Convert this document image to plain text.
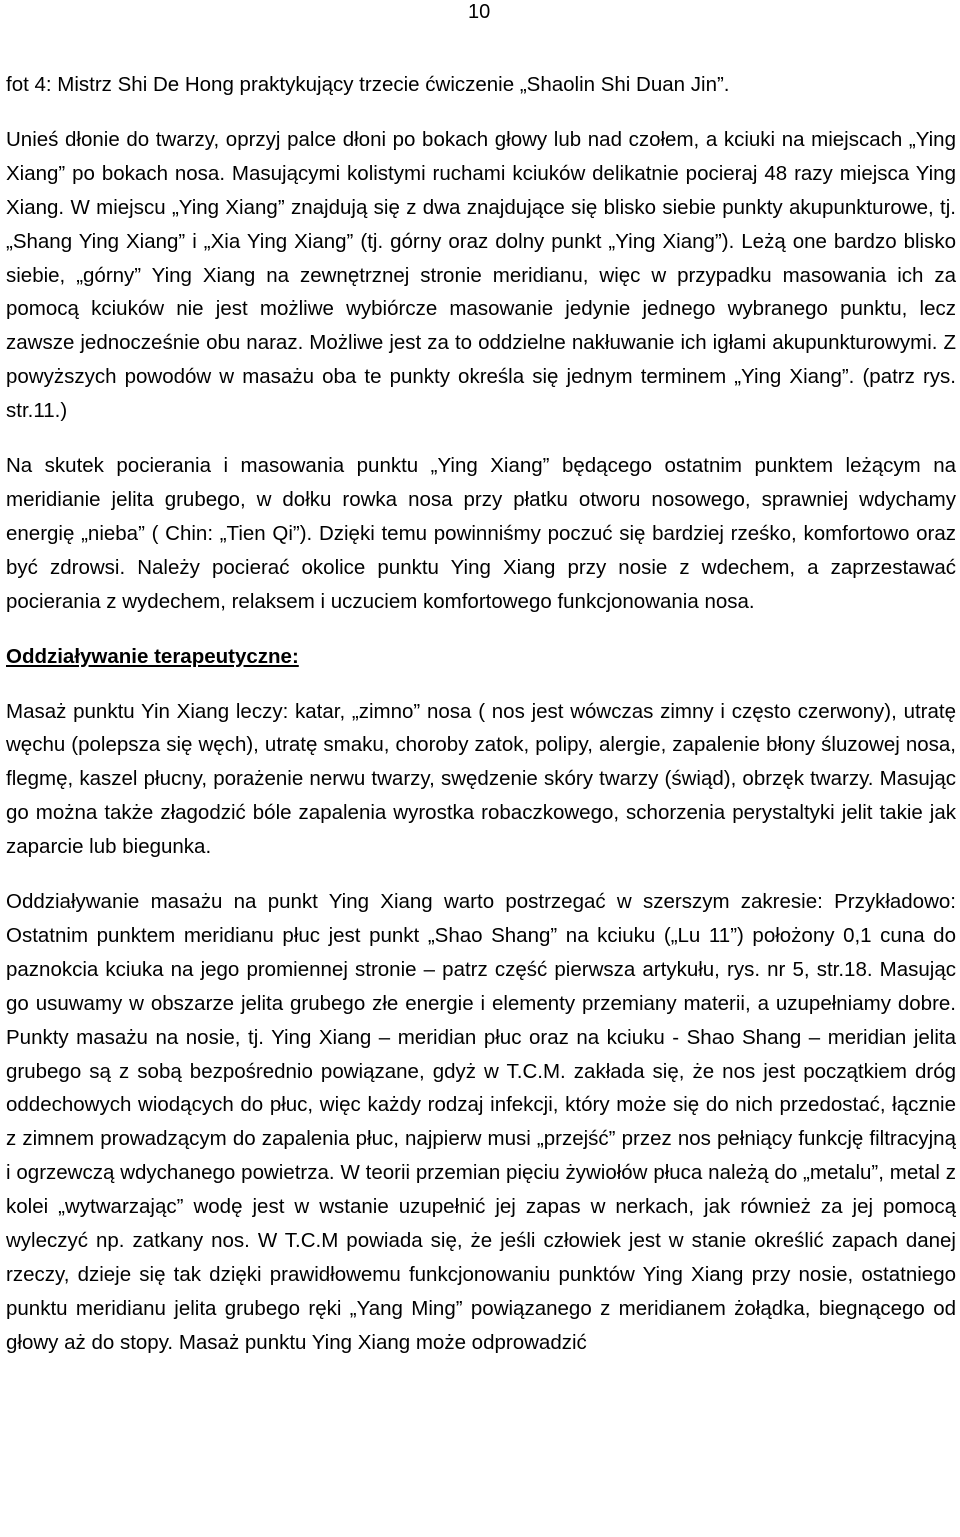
10

fot 4: Mistrz Shi De Hong praktykujący trzecie ćwiczenie „Shaolin Shi Duan Jin”.

Unieś dłonie do twarzy, oprzyj palce dłoni po bokach głowy lub nad czołem, a kciuki na miejscach „Ying Xiang” po bokach nosa. Masującymi kolistymi ruchami kciuków delikatnie pocieraj 48 razy miejsca Ying Xiang. W miejscu „Ying Xiang” znajdują się z dwa znajdujące się blisko siebie punkty akupunkturowe, tj. „Shang Ying Xiang” i „Xia Ying Xiang” (tj. górny oraz dolny punkt „Ying Xiang”). Leżą one bardzo blisko siebie, „górny” Ying Xiang na zewnętrznej stronie meridianu, więc w przypadku masowania ich za pomocą kciuków nie jest możliwe wybiórcze masowanie jedynie jednego wybranego punktu, lecz zawsze jednocześnie obu naraz. Możliwe jest za to oddzielne nakłuwanie ich igłami akupunkturowymi. Z powyższych powodów w masażu oba te punkty określa się jednym terminem „Ying Xiang”. (patrz rys. str.11.)

Na skutek pocierania i masowania punktu „Ying Xiang” będącego ostatnim punktem leżącym na meridianie jelita grubego, w dołku rowka nosa przy płatku otworu nosowego, sprawniej wdychamy energię „nieba” ( Chin: „Tien Qi”). Dzięki temu powinniśmy poczuć się bardziej rześko, komfortowo oraz być zdrowsi. Należy pocierać okolice punktu Ying Xiang przy nosie z wdechem, a zaprzestawać pocierania z wydechem, relaksem i uczuciem komfortowego funkcjonowania nosa.

Oddziaływanie terapeutyczne:

Masaż punktu Yin Xiang leczy: katar, „zimno” nosa ( nos jest wówczas zimny i często czerwony), utratę węchu (polepsza się węch), utratę smaku, choroby zatok, polipy, alergie, zapalenie błony śluzowej nosa, flegmę, kaszel płucny, porażenie nerwu twarzy, swędzenie skóry twarzy (świąd), obrzęk twarzy. Masując go można także złagodzić bóle zapalenia wyrostka robaczkowego, schorzenia perystaltyki jelit takie jak zaparcie lub biegunka.

Oddziaływanie masażu na punkt Ying Xiang warto postrzegać w szerszym zakresie: Przykładowo: Ostatnim punktem meridianu płuc jest punkt „Shao Shang” na kciuku („Lu 11”) położony 0,1 cuna do paznokcia kciuka na jego promiennej stronie – patrz część pierwsza artykułu, rys. nr 5, str.18. Masując go usuwamy w obszarze jelita grubego złe energie i elementy przemiany materii, a uzupełniamy dobre. Punkty masażu na nosie, tj. Ying Xiang – meridian płuc oraz na kciuku - Shao Shang – meridian jelita grubego są z sobą bezpośrednio powiązane, gdyż w T.C.M. zakłada się, że nos jest początkiem dróg oddechowych wiodących do płuc, więc każdy rodzaj infekcji, który może się do nich przedostać, łącznie z zimnem prowadzącym do zapalenia płuc, najpierw musi „przejść” przez nos pełniący funkcję filtracyjną i ogrzewczą wdychanego powietrza. W teorii przemian pięciu żywiołów płuca należą do „metalu”, metal z kolei „wytwarzając” wodę jest w wstanie uzupełnić jej zapas w nerkach, jak również za jej pomocą wyleczyć np. zatkany nos. W T.C.M powiada się, że jeśli człowiek jest w stanie określić zapach danej rzeczy, dzieje się tak dzięki prawidłowemu funkcjonowaniu punktów Ying Xiang przy nosie, ostatniego punktu meridianu jelita grubego ręki „Yang Ming” powiązanego z meridianem żołądka, biegnącego od głowy aż do stopy. Masaż punktu Ying Xiang może odprowadzić
